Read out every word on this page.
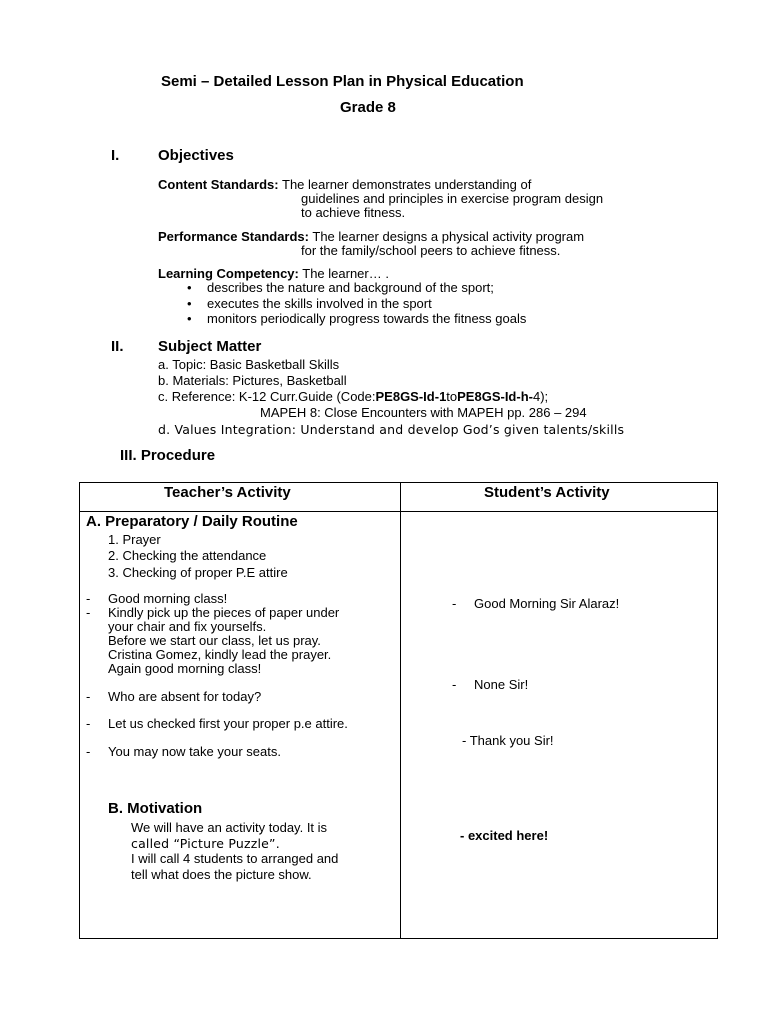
Semi – Detailed Lesson Plan in Physical Education
Grade 8
I.	Objectives
Content Standards: The learner demonstrates understanding of
guidelines and principles in exercise program design
to achieve fitness.
Performance Standards: The learner designs a physical activity program
for the family/school peers to achieve fitness.
Learning Competency: The learner… .
• describes the nature and background of the sport;
• executes the skills involved in the sport
• monitors periodically progress towards the fitness goals
II. Subject Matter
a. Topic: Basic Basketball Skills
b. Materials: Pictures, Basketball
c. Reference: K-12 Curr.Guide (Code:PE8GS-Id-1toPE8GS-Id-h-4);
MAPEH 8: Close Encounters with MAPEH pp. 286 – 294
d. Values Integration: Understand and develop God’s given talents/skills
III. Procedure
Teacher’s Activity	Student’s Activity
A. Preparatory / Daily Routine
1. Prayer
2. Checking the attendance
3. Checking of proper P.E attire
- Good morning class!
- Kindly pick up the pieces of paper under
your chair and fix yourselfs.
Before we start our class, let us pray.
Cristina Gomez, kindly lead the prayer.
Again good morning class!
- Who are absent for today?
- Let us checked first your proper p.e attire.
- You may now take your seats.
- Good Morning Sir Alaraz!
- None Sir!
- Thank you Sir!
- excited here!
B. Motivation
We will have an activity today. It is
called “Picture Puzzle”.
I will call 4 students to arranged and
tell what does the picture show.
